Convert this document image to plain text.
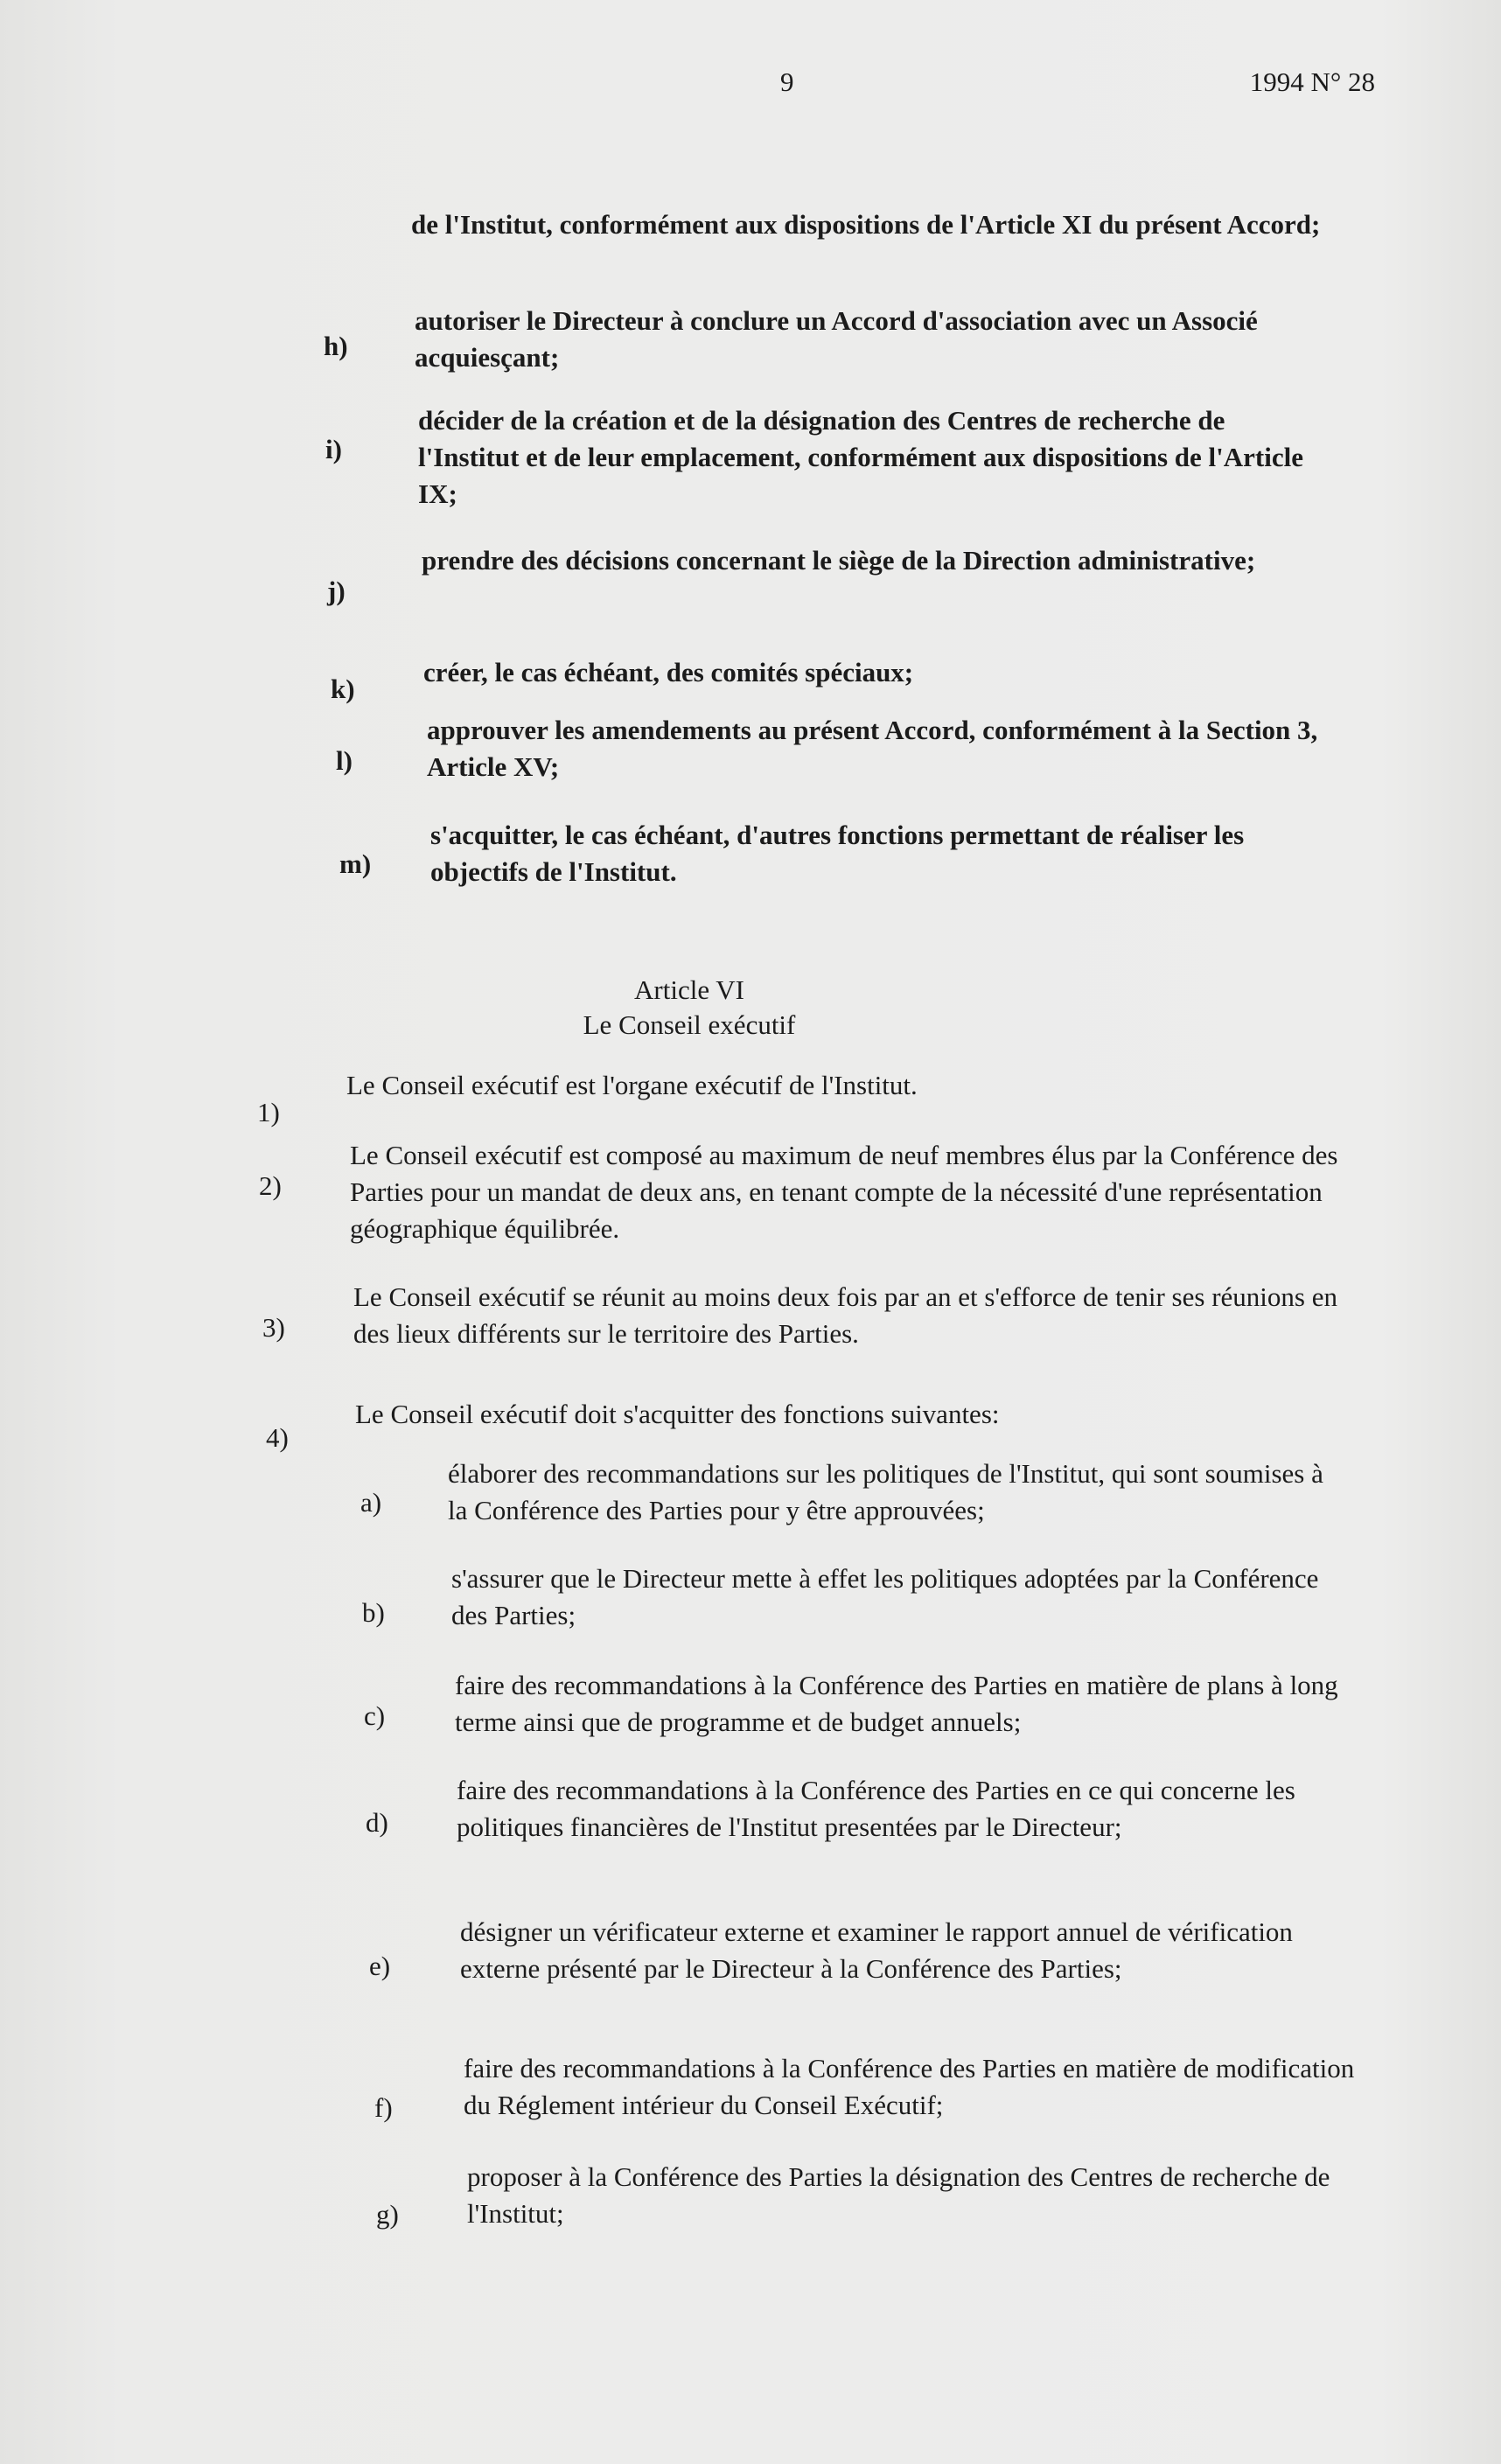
9	1994 N° 28
de l'Institut, conformément aux dispositions de l'Article XI du présent Accord;
h)
autoriser le Directeur à conclure un Accord d'association avec un Associé acquiesçant;
i)
décider de la création et de la désignation des Centres de recherche de l'Institut et de leur emplacement, conformément aux dispositions de l'Article IX;
j)
prendre des décisions concernant le siège de la Direction administrative;
k)
créer, le cas échéant, des comités spéciaux;
l)
approuver les amendements au présent Accord, conformément à la Section 3, Article XV;
m)
s'acquitter, le cas échéant, d'autres fonctions permettant de réaliser les objectifs de l'Institut.
Article VI
Le Conseil exécutif
1)
Le Conseil exécutif est l'organe exécutif de l'Institut.
2)
Le Conseil exécutif est composé au maximum de neuf membres élus par la Conférence des Parties pour un mandat de deux ans, en tenant compte de la nécessité d'une représentation géographique équilibrée.
3)
Le Conseil exécutif se réunit au moins deux fois par an et s'efforce de tenir ses réunions en des lieux différents sur le territoire des Parties.
4)
Le Conseil exécutif doit s'acquitter des fonctions suivantes:
a)
élaborer des recommandations sur les politiques de l'Institut, qui sont soumises à la Conférence des Parties pour y être approuvées;
b)
s'assurer que le Directeur mette à effet les politiques adoptées par la Conférence des Parties;
c)
faire des recommandations à la Conférence des Parties en matière de plans à long terme ainsi que de programme et de budget annuels;
d)
faire des recommandations à la Conférence des Parties en ce qui concerne les politiques financières de l'Institut presentées par le Directeur;
e)
désigner un vérificateur externe et examiner le rapport annuel de vérification externe présenté par le Directeur à la Conférence des Parties;
f)
faire des recommandations à la Conférence des Parties en matière de modification du Réglement intérieur du Conseil Exécutif;
g)
proposer à la Conférence des Parties la désignation des Centres de recherche de l'Institut;
